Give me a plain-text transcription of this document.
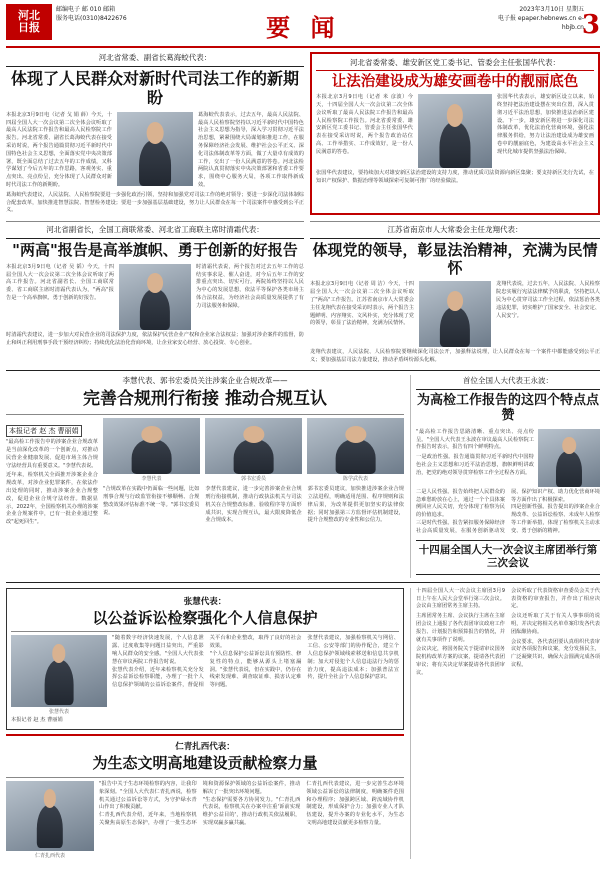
河北
日报
邮编电子 邮 010 邮箱
服务电话(0310)8422676	要 闻
2023年3月10日 星期五
电子报 epaper.hebnews.cn e-hbjb.cn
3
河北省常委、副省长葛海蛟代表：
体现了人民群众对新时代司法工作的新期盼
本报北京3月9日电（记者 戈 娟 薛）今天，十四届全国人大一次会议第二次全体会议听取了最高人民法院工作报告和最高人民检察院工作报告。河北省常委、副省长葛海蛟代表在接受采访时说，两个报告通篇贯彻习近平新时代中国特色社会主义思想，全面落实党中央决策部署，既全面总结了过去五年的工作成绩，又科学谋划了今后五年的工作思路，客观务实、重点突出、亮点纷呈，充分体现了人民群众对新时代司法工作的新期盼。
葛海蛟代表表示，过去五年，最高人民法院、最高人民检察院坚持以习近平新时代中国特色社会主义思想为指导，深入学习贯彻习近平法治思想，紧紧围绕大局谋划和推进工作，在服务保障经济社会发展、维护社会公平正义、深化司法体制改革等方面，做了大量卓有成效的工作，交出了一份人民满意的答卷。河北法检两院认真贯彻落实中央决策部署和省委工作要求，围绕中心服务大局，各项工作取得新成效。
葛海蛟代表建议，人民法院、人民检察院要进一步强化政治引领，坚持和加强党对司法工作的绝对领导；要进一步深化司法体制综合配套改革，加快推进智慧法院、智慧检务建设；要进一步加强基层基础建设，努力让人民群众在每一个司法案件中感受到公平正义。
河北省委常委、雄安新区党工委书记、管委会主任张国华代表：
让法治建设成为雄安画卷中的靓丽底色
本报北京3月9日电（记者 米 彦波）今天，十四届全国人大一次会议第二次全体会议听取了最高人民法院工作报告和最高人民检察院工作报告。河北省委常委、雄安新区党工委书记、管委会主任张国华代表在接受采访时说，两个报告政治站位高、工作举措实、工作成效好，是一份人民满意的答卷。
张国华代表表示，雄安新区设立以来，始终坚持把法治建设摆在突出位置，深入贯彻习近平法治思想，加快推进法治新区建设。下一步，雄安新区将进一步深化司法体制改革，优化法治化营商环境，强化法律服务供给，努力让法治建设成为雄安画卷中的靓丽底色，为建设高水平社会主义现代化城市提供坚强法治保障。
张国华代表建议，要持续加大对雄安新区法治建设的支持力度，推动优质司法资源向新区集聚；要支持新区先行先试，在知识产权保护、数据治理等领域探索可复制可推广的经验做法。
河北省副省长，全国工商联常委、河北省工商联主席时清霜代表：
"两高"报告是高举旗帜、勇于创新的好报告
本报北京3月9日电（记者 吴 韬）今天，十四届全国人大一次会议第二次全体会议听取了两高工作报告。河北省副省长、全国工商联常委、省工商联主席时清霜代表认为，"两高"报告是一个高举旗帜、勇于创新的好报告。
时清霜代表说，两个报告对过去五年工作的总结实事求是、催人奋进，对今后五年工作的安排重点突出、切实可行。两院始终坚持以人民为中心的发展思想，依法平等保护各类市场主体合法权益，为经济社会高质量发展提供了有力司法服务和保障。
时清霜代表建议，进一步加大对民营企业的司法保护力度，依法保护民营企业产权和企业家合法权益；加强对涉企案件的监督，防止和纠正利用刑事手段干预经济纠纷；持续优化法治化营商环境，让企业家安心经营、放心投资、专心创业。
江苏省南京市人大常委会主任龙翔代表：
体现党的领导，彰显法治精神，充满为民情怀
本报北京3月9日电（记者 周 洁）今天，十四届全国人大一次会议第二次全体会议听取了"两高"工作报告。江苏省南京市人大常委会主任龙翔代表在接受采访时表示，两个报告主题鲜明、内容翔实、文风朴实，充分体现了党的领导，彰显了法治精神，充满为民情怀。
龙翔代表说，过去五年，人民法院、人民检察院忠实履行宪法法律赋予的职责，坚持把以人民为中心贯穿司法工作全过程，依法惩治各类违法犯罪，切实维护了国家安全、社会安定、人民安宁。
龙翔代表建议，人民法院、人民检察院要继续深化司法公开，加强释法说理，让人民群众在每一个案件中都能感受到公平正义；要加强基层司法力量建设，推动矛盾纠纷源头化解。
李慧代表、郭书宏委员关注涉案企业合规改革——
完善合规刑行衔接 推动合规互认
本报记者 赵 杰 曹丽娟
"最高检工作报告中的涉案企业合规改革是当前深化改革的一个创新点，对推动民营企业健康发展、促进市场主体合规守法经营具有重要意义。"李慧代表说。
近年来，检察机关全面推开涉案企业合规改革，对涉企业犯罪案件，在依法作出处理的同时，推动涉案企业合规整改，促进企业合规守法经营。数据显示，2022年，全国检察机关办理的涉案企业合规案件中，已有一批企业通过整改"起死回生"。
李慧代表	郭书宏委员	陈学武代表
"合规改革在实践中仍面临一些问题，比如刑事合规与行政监管衔接不够顺畅、合规整改效果评估标准不统一等。"郭书宏委员说。
李慧代表建议，进一步完善涉案企业合规刑行衔接机制，推动行政执法机关与司法机关在合规整改标准、验收程序等方面形成共识，实现合规互认，最大限度降低企业合规成本。
郭书宏委员建议，加快推进涉案企业合规立法进程，明确适用范围、程序规则和法律后果，为改革提供更加坚实的法律依据；同时加强第三方监督评估机制建设，提升合规整改的专业性和公信力。
首位全国人大代表王永波：
为高检工作报告的这四个特点点赞
"最高检工作报告思路清晰、重点突出、亮点纷呈。"全国人大代表王永波在审议最高人民检察院工作报告时表示，报告有四个鲜明特点。
一是政治性强。报告通篇贯彻习近平新时代中国特色社会主义思想和习近平法治思想，旗帜鲜明讲政治，把党的绝对领导贯穿检察工作全过程各方面。
二是人民性强。报告始终把人民群众的急难愁盼放在心上，通过一个个具体案例回应人民关切，充分体现了检察为民的价值追求。
三是时代性强。报告紧扣服务保障经济社会高质量发展，在服务创新驱动发展、保护知识产权、助力优化营商环境等方面作出了积极探索。
四是创新性强。报告提出的涉案企业合规改革、公益诉讼检察、未成年人检察等工作新举措，体现了检察机关主动求变、勇于创新的精神。
十四届全国人大一次会议主席团举行第三次会议
张慧代表：
以公益诉讼检察强化个人信息保护
张慧代表
本报记者 赵 杰 曹丽娟
"随着数字经济快速发展，个人信息泄露、过度收集等问题日益突出，严重影响人民群众的安全感。"全国人大代表张慧在审议两院工作报告时说。
张慧代表介绍，近年来检察机关充分发挥公益诉讼检察职能，办理了一批个人信息保护领域的公益诉讼案件，督促相关平台和企业整改，取得了良好的社会效果。
"个人信息保护公益诉讼具有预防性、修复性的特点，能够从源头上堵塞漏洞。"张慧代表说，但在实践中，仍存在线索发现难、调查取证难、损害认定难等问题。
张慧代表建议，加强检察机关与网信、工信、公安等部门的协作配合，建立个人信息保护领域线索移送和信息共享机制；加大对侵犯个人信息违法行为的惩治力度，提高违法成本；加强普法宣传，提升全社会个人信息保护意识。
仁青扎西代表：
为生态文明高地建设贡献检察力量
仁青扎西代表
"报告中关于生态环境检察的内容，让我印象深刻。"全国人大代表仁青扎西说，检察机关通过公益诉讼等方式，为守护绿水青山作出了积极贡献。
仁青扎西代表介绍，近年来，当地检察机关聚焦高原生态保护，办理了一批生态环境和资源保护领域的公益诉讼案件，推动解决了一批突出环境问题。
"生态保护需要各方协同发力。"仁青扎西代表说，检察机关在办案中注重'诉前实现维护公益目的'，推动行政机关依法履职，实现双赢多赢共赢。
仁青扎西代表建议，进一步完善生态环境领域公益诉讼的法律制度，明确案件范围和办理程序；加强跨区域、跨流域协作机制建设，形成保护合力；加强专业人才队伍建设，提升办案的专业化水平，为生态文明高地建设贡献更多检察力量。
十四届全国人大一次会议主席团3月9日上午在人民大会堂举行第三次会议。会议由主席团常务主席主持。
主席团常务主席、会议执行主席在主席团会议上通报了各代表团审议政府工作报告、计划报告和预算报告的情况，并就有关事项作了说明。
会议决定，将国务院关于提请审议国务院机构改革方案的议案，提请各代表团审议；将有关决定草案提请各代表团审议。
会议听取了代表资格审查委员会关于代表资格的审查报告，并作出了相应决定。
会议还听取了关于有关人事事项的说明，并决定将相关名单草案印发各代表团酝酿协商。
会议要求，各代表团要认真组织代表审议好各项报告和议案，充分发扬民主，广泛凝聚共识，确保大会圆满完成各项议程。
